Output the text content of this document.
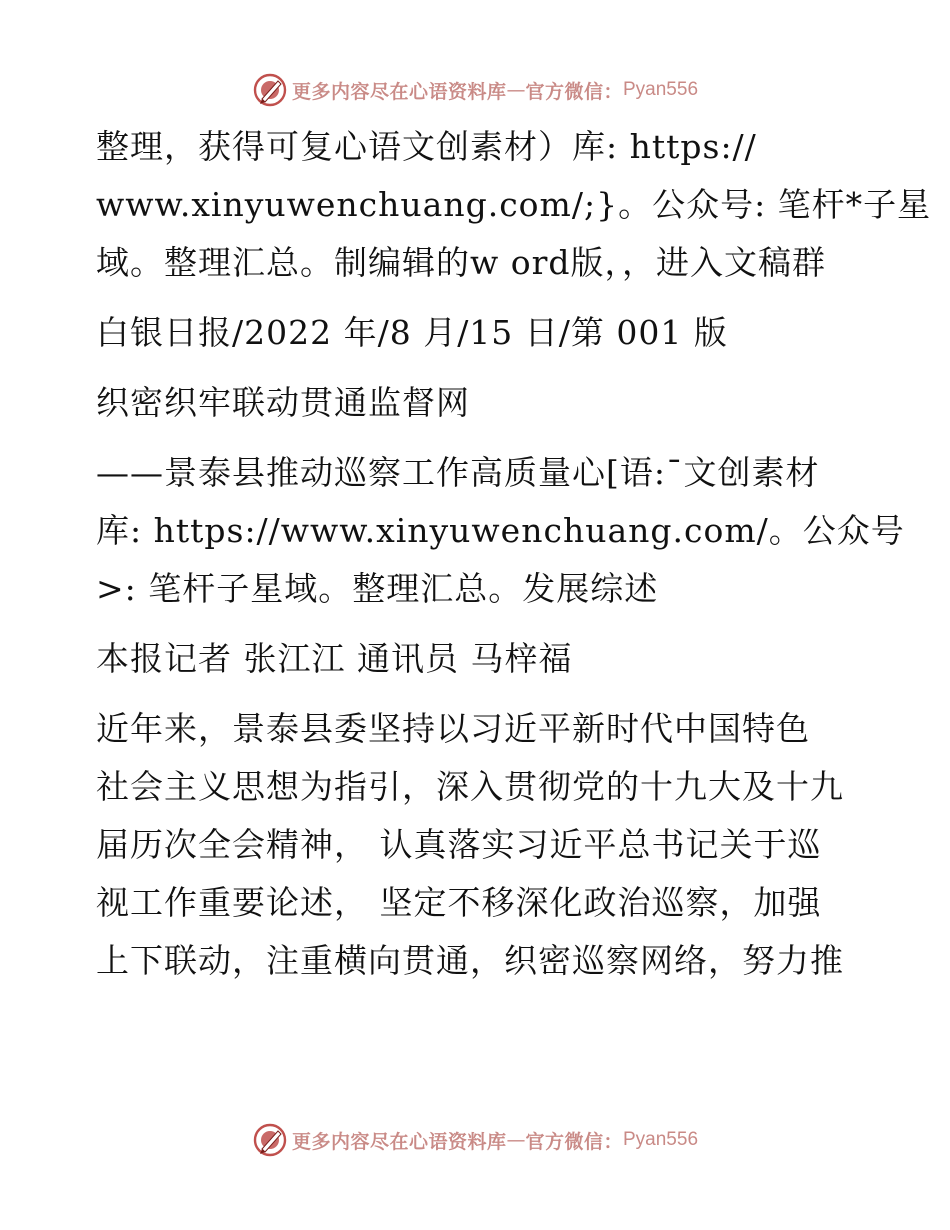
更多内容尽在心语资料库 — 官方微信： Pyan556
整理，获得可复心语文创素材）库: https://
www.xinyuwenchuang.com/;}。公众号: 笔杆*子星
域。整理汇总。制编辑的w ord版，，进入文稿群
白银日报/2022 年/8 月/15 日/第 001 版
织密织牢联动贯通监督网
——景泰县推动巡察工作高质量心[语:¯文创素材
库: https://www.xinyuwenchuang.com/。公众号
>: 笔杆子星域。整理汇总。发展综述
本报记者 张江江 通讯员 马梓福
近年来，景泰县委坚持以习近平新时代中国特色
社会主义思想为指引，深入贯彻党的十九大及十九
届历次全会精神， 认真落实习近平总书记关于巡
视工作重要论述， 坚定不移深化政治巡察，加强
上下联动，注重横向贯通，织密巡察网络，努力推
更多内容尽在心语资料库 — 官方微信： Pyan556
